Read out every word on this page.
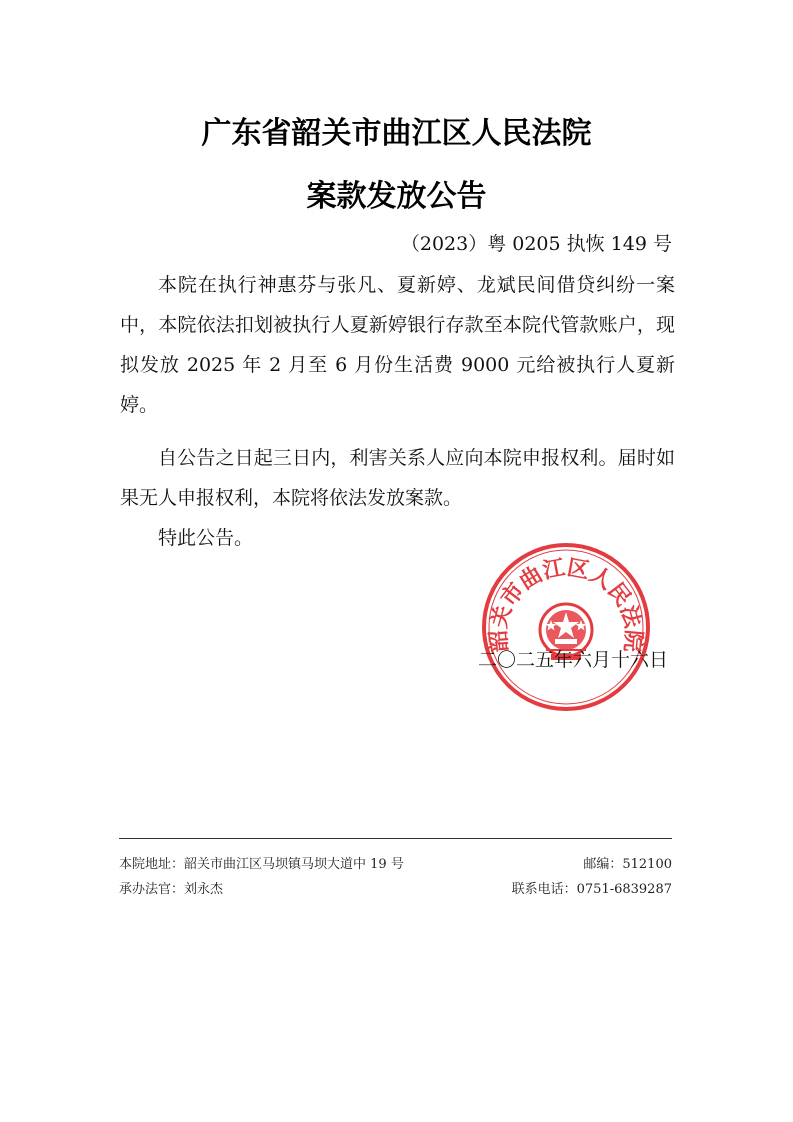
广东省韶关市曲江区人民法院
案款发放公告
（2023）粤 0205 执恢 149 号

本院在执行神惠芬与张凡、夏新婷、龙斌民间借贷纠纷一案中，本院依法扣划被执行人夏新婷银行存款至本院代管款账户，现拟发放 2025 年 2 月至 6 月份生活费 9000 元给被执行人夏新婷。

自公告之日起三日内，利害关系人应向本院申报权利。届时如果无人申报权利，本院将依法发放案款。

特此公告。

韶关市曲江区人民法院
二〇二五年六月十六日
本院地址：韶关市曲江区马坝镇马坝大道中 19 号	邮编：512100
承办法官：刘永杰	联系电话：0751-6839287
